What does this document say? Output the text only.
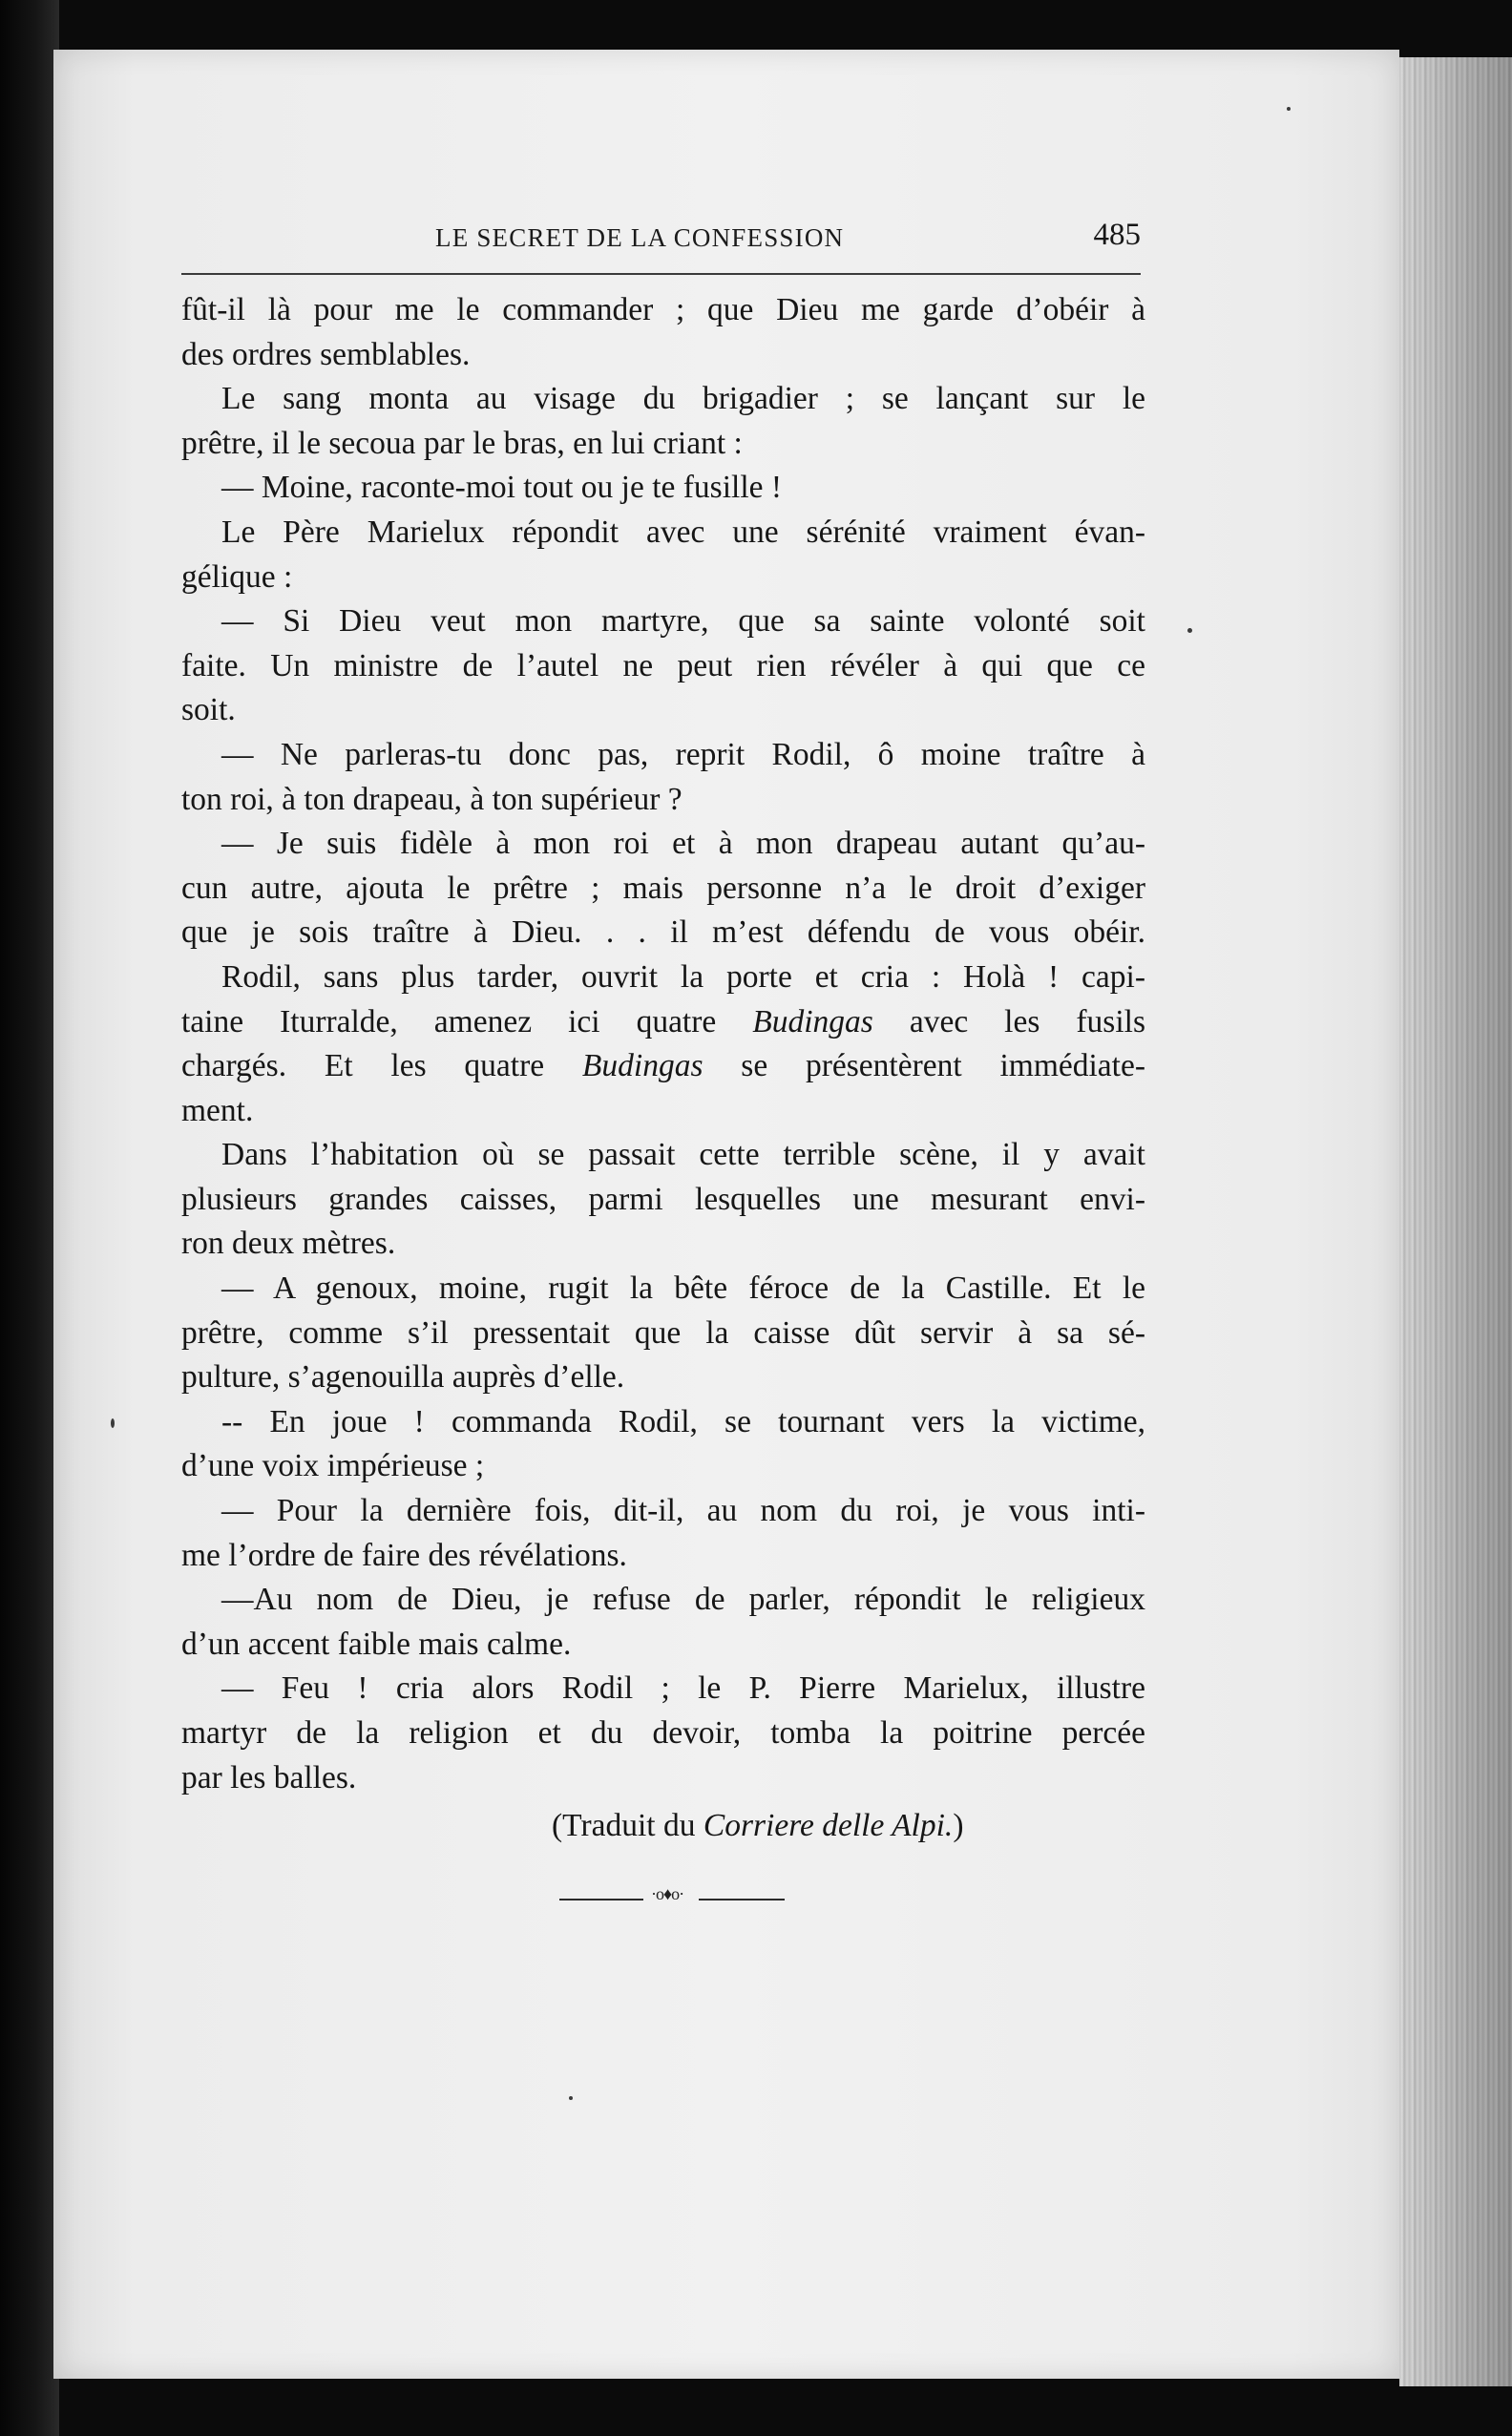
LE SECRET DE LA CONFESSION	485
fût-il là pour me le commander ; que Dieu me garde d’obéir à
des ordres semblables.
Le sang monta au visage du brigadier ; se lançant sur le
prêtre, il le secoua par le bras, en lui criant :
— Moine, raconte-moi tout ou je te fusille !
Le Père Marielux répondit avec une sérénité vraiment évan-
gélique :
— Si Dieu veut mon martyre, que sa sainte volonté soit
faite. Un ministre de l’autel ne peut rien révéler à qui que ce
soit.
— Ne parleras-tu donc pas, reprit Rodil, ô moine traître à
ton roi, à ton drapeau, à ton supérieur ?
— Je suis fidèle à mon roi et à mon drapeau autant qu’au-
cun autre, ajouta le prêtre ; mais personne n’a le droit d’exiger
que je sois traître à Dieu. . . il m’est défendu de vous obéir.
Rodil, sans plus tarder, ouvrit la porte et cria : Holà ! capi-
taine Iturralde, amenez ici quatre Budingas avec les fusils
chargés. Et les quatre Budingas se présentèrent immédiate-
ment.
Dans l’habitation où se passait cette terrible scène, il y avait
plusieurs grandes caisses, parmi lesquelles une mesurant envi-
ron deux mètres.
— A genoux, moine, rugit la bête féroce de la Castille. Et le
prêtre, comme s’il pressentait que la caisse dût servir à sa sé-
pulture, s’agenouilla auprès d’elle.
-- En joue ! commanda Rodil, se tournant vers la victime,
d’une voix impérieuse ;
— Pour la dernière fois, dit-il, au nom du roi, je vous inti-
me l’ordre de faire des révélations.
—Au nom de Dieu, je refuse de parler, répondit le religieux
d’un accent faible mais calme.
— Feu ! cria alors Rodil ; le P. Pierre Marielux, illustre
martyr de la religion et du devoir, tomba la poitrine percée
par les balles.
(Traduit du Corriere delle Alpi.)
·o♦o·
